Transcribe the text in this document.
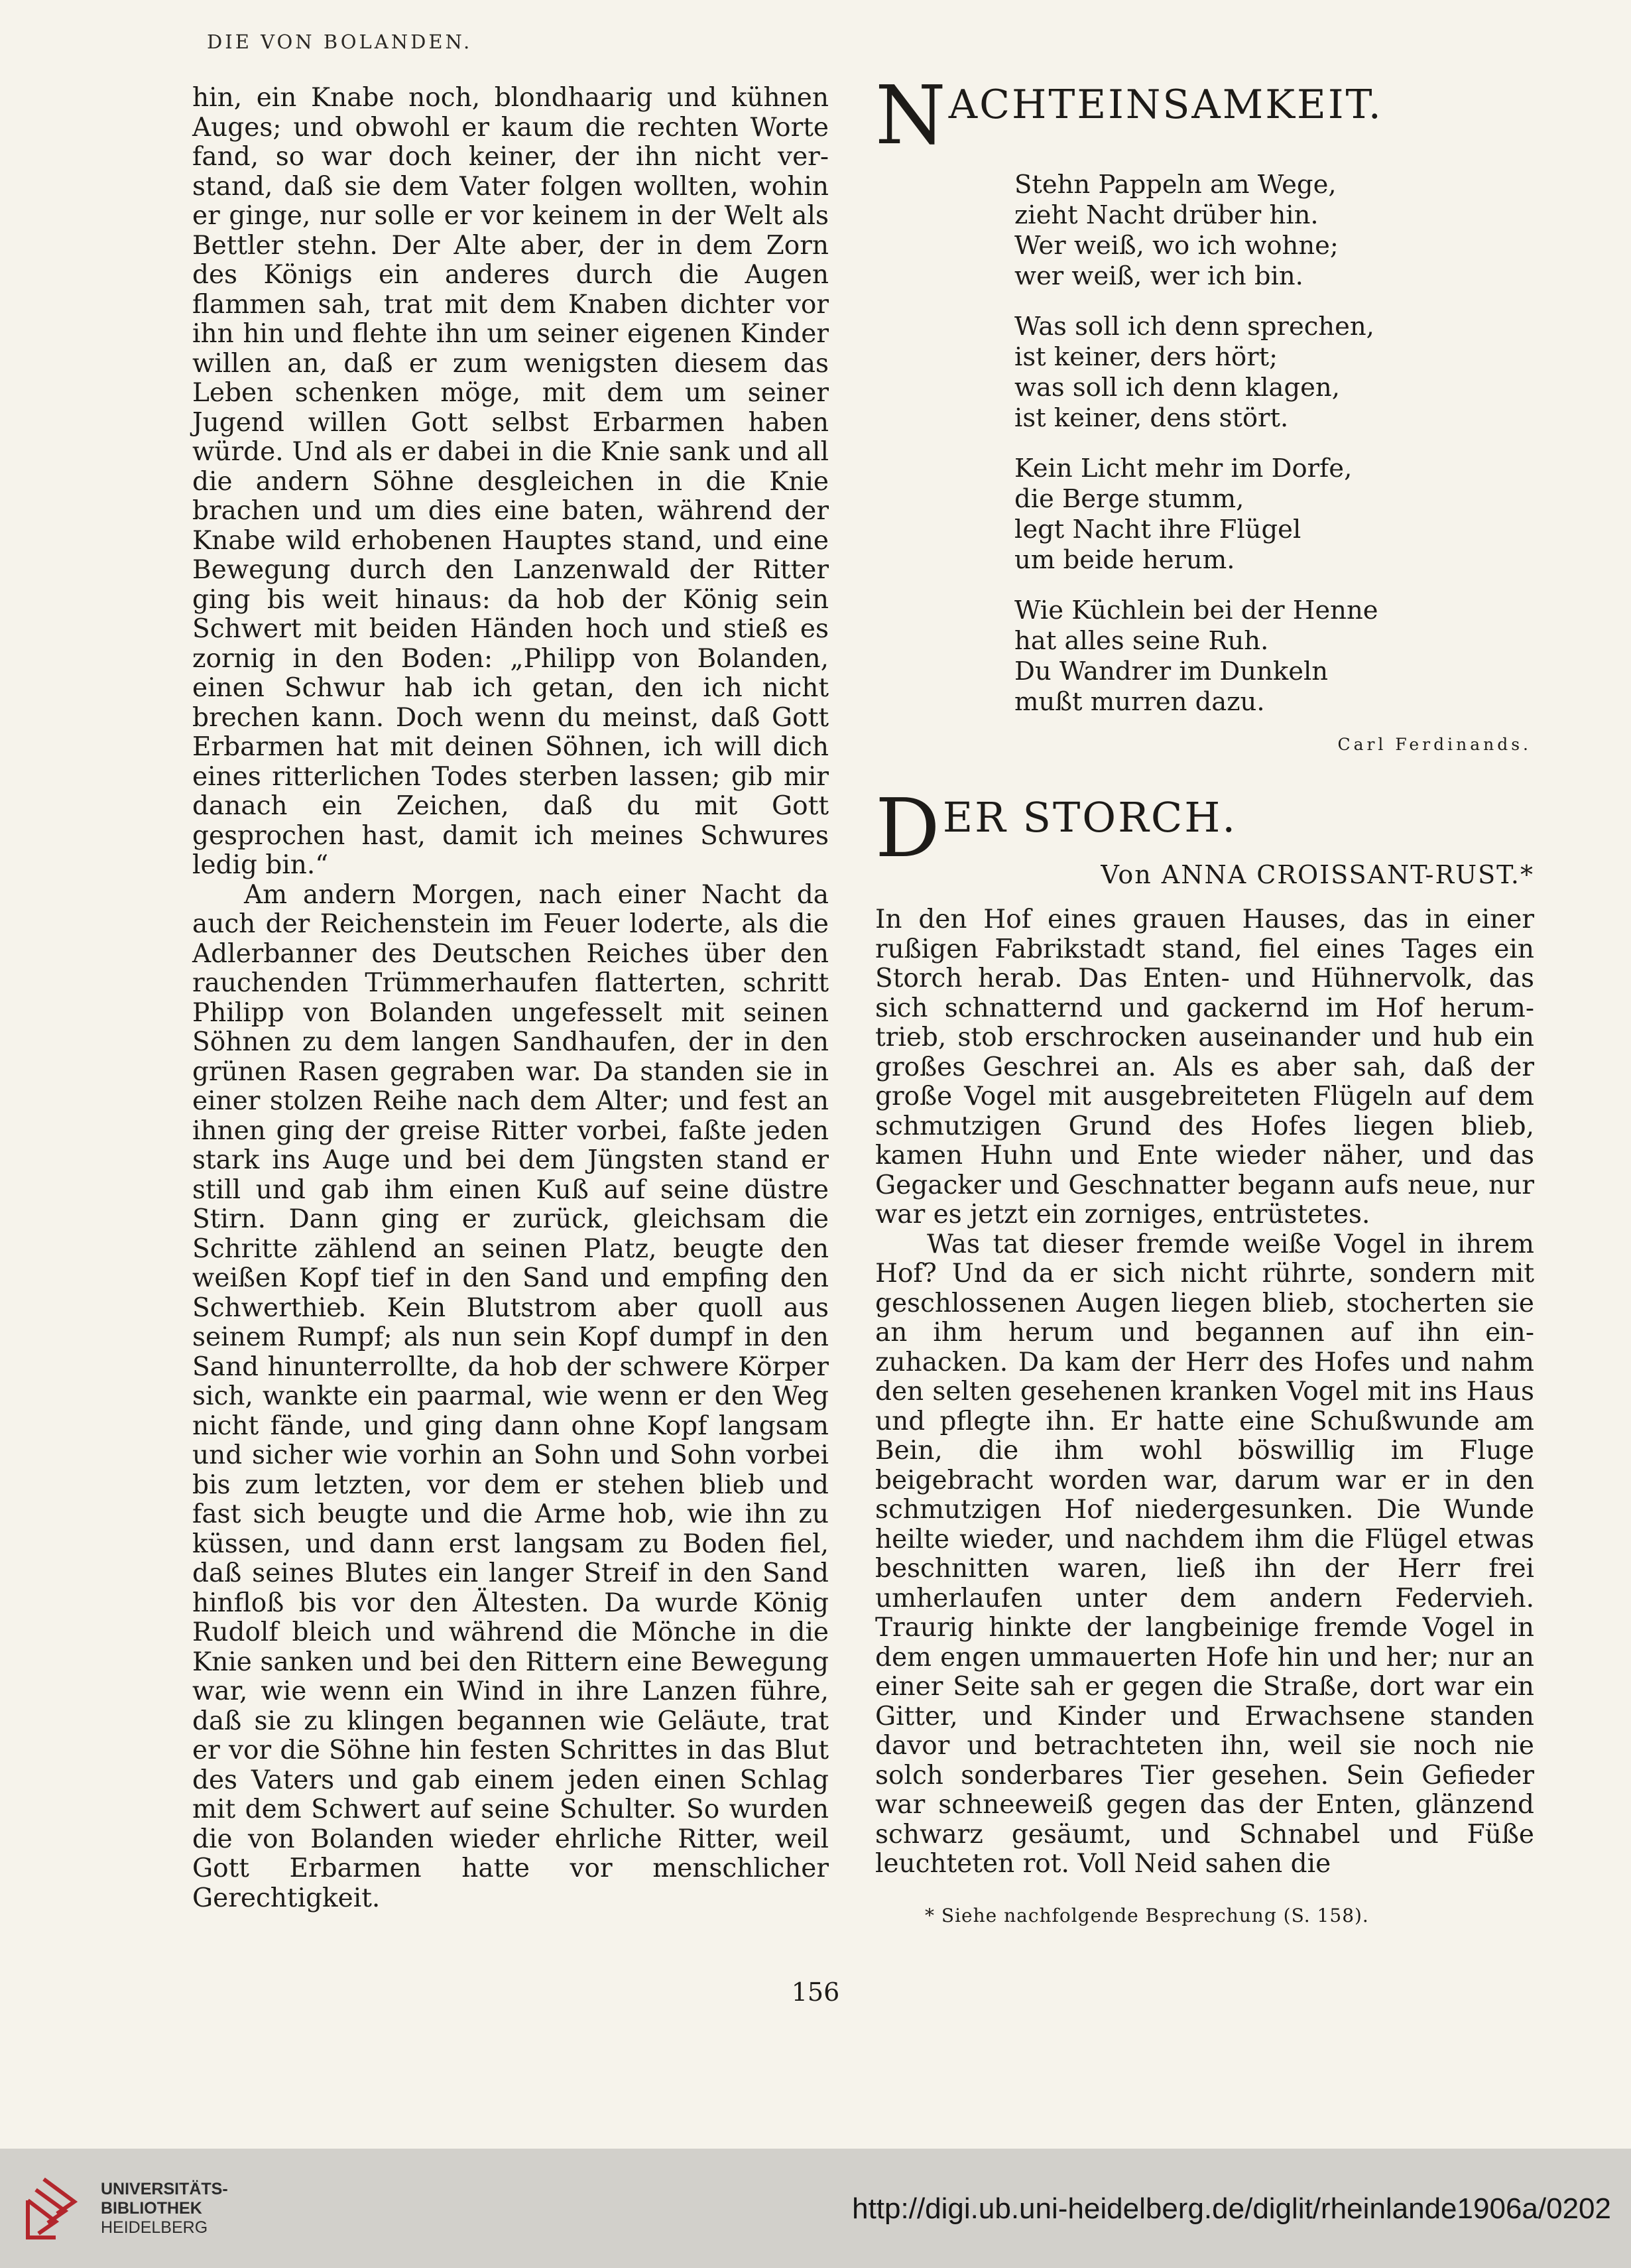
DIE VON BOLANDEN.

hin, ein Knabe noch, blondhaarig und kühnen Auges; und obwohl er kaum die rechten Worte fand, so war doch keiner, der ihn nicht verstand, daß sie dem Vater folgen wollten, wohin er ginge, nur solle er vor keinem in der Welt als Bettler stehn. Der Alte aber, der in dem Zorn des Königs ein anderes durch die Augen flammen sah, trat mit dem Knaben dichter vor ihn hin und flehte ihn um seiner eigenen Kinder willen an, daß er zum wenigsten diesem das Leben schenken möge, mit dem um seiner Jugend willen Gott selbst Erbarmen haben würde. Und als er dabei in die Knie sank und all die andern Söhne desgleichen in die Knie brachen und um dies eine baten, während der Knabe wild erhobenen Hauptes stand, und eine Bewegung durch den Lanzenwald der Ritter ging bis weit hinaus: da hob der König sein Schwert mit beiden Händen hoch und stieß es zornig in den Boden: „Philipp von Bolanden, einen Schwur hab ich getan, den ich nicht brechen kann. Doch wenn du meinst, daß Gott Erbarmen hat mit deinen Söhnen, ich will dich eines ritterlichen Todes sterben lassen; gib mir danach ein Zeichen, daß du mit Gott gesprochen hast, damit ich meines Schwures ledig bin.“

Am andern Morgen, nach einer Nacht da auch der Reichenstein im Feuer loderte, als die Adlerbanner des Deutschen Reiches über den rauchenden Trümmerhaufen flatterten, schritt Philipp von Bolanden ungefesselt mit seinen Söhnen zu dem langen Sandhaufen, der in den grünen Rasen gegraben war. Da standen sie in einer stolzen Reihe nach dem Alter; und fest an ihnen ging der greise Ritter vorbei, faßte jeden stark ins Auge und bei dem Jüngsten stand er still und gab ihm einen Kuß auf seine düstre Stirn. Dann ging er zurück, gleichsam die Schritte zählend an seinen Platz, beugte den weißen Kopf tief in den Sand und empfing den Schwerthieb. Kein Blutstrom aber quoll aus seinem Rumpf; als nun sein Kopf dumpf in den Sand hinunterrollte, da hob der schwere Körper sich, wankte ein paarmal, wie wenn er den Weg nicht fände, und ging dann ohne Kopf langsam und sicher wie vorhin an Sohn und Sohn vorbei bis zum letzten, vor dem er stehen blieb und fast sich beugte und die Arme hob, wie ihn zu küssen, und dann erst langsam zu Boden fiel, daß seines Blutes ein langer Streif in den Sand hinfloß bis vor den Ältesten. Da wurde König Rudolf bleich und während die Mönche in die Knie sanken und bei den Rittern eine Bewegung war, wie wenn ein Wind in ihre Lanzen führe, daß sie zu klingen begannen wie Geläute, trat er vor die Söhne hin festen Schrittes in das Blut des Vaters und gab einem jeden einen Schlag mit dem Schwert auf seine Schulter. So wurden die von Bolanden wieder ehrliche Ritter, weil Gott Erbarmen hatte vor menschlicher Gerechtigkeit.

N ACHTEINSAMKEIT.
Stehn Pappeln am Wege,
zieht Nacht drüber hin.
Wer weiß, wo ich wohne;
wer weiß, wer ich bin.
Was soll ich denn sprechen,
ist keiner, ders hört;
was soll ich denn klagen,
ist keiner, dens stört.
Kein Licht mehr im Dorfe,
die Berge stumm,
legt Nacht ihre Flügel
um beide herum.
Wie Küchlein bei der Henne
hat alles seine Ruh.
Du Wandrer im Dunkeln
mußt murren dazu.
Carl Ferdinands.
D ER STORCH.
Von ANNA CROISSANT-RUST.*

In den Hof eines grauen Hauses, das in einer rußigen Fabrikstadt stand, fiel eines Tages ein Storch herab. Das Enten- und Hühnervolk, das sich schnatternd und gackernd im Hof herumtrieb, stob erschrocken auseinander und hub ein großes Geschrei an. Als es aber sah, daß der große Vogel mit ausgebreiteten Flügeln auf dem schmutzigen Grund des Hofes liegen blieb, kamen Huhn und Ente wieder näher, und das Gegacker und Geschnatter begann aufs neue, nur war es jetzt ein zorniges, entrüstetes.

Was tat dieser fremde weiße Vogel in ihrem Hof? Und da er sich nicht rührte, sondern mit geschlossenen Augen liegen blieb, stocherten sie an ihm herum und begannen auf ihn einzuhacken. Da kam der Herr des Hofes und nahm den selten gesehenen kranken Vogel mit ins Haus und pflegte ihn. Er hatte eine Schußwunde am Bein, die ihm wohl böswillig im Fluge beigebracht worden war, darum war er in den schmutzigen Hof niedergesunken. Die Wunde heilte wieder, und nachdem ihm die Flügel etwas beschnitten waren, ließ ihn der Herr frei umherlaufen unter dem andern Federvieh. Traurig hinkte der langbeinige fremde Vogel in dem engen ummauerten Hofe hin und her; nur an einer Seite sah er gegen die Straße, dort war ein Gitter, und Kinder und Erwachsene standen davor und betrachteten ihn, weil sie noch nie solch sonderbares Tier gesehen. Sein Gefieder war schneeweiß gegen das der Enten, glänzend schwarz gesäumt, und Schnabel und Füße leuchteten rot. Voll Neid sahen die

* Siehe nachfolgende Besprechung (S. 158).
156
UNIVERSITÄTS-
BIBLIOTHEK
HEIDELBERG
http://digi.ub.uni-heidelberg.de/diglit/rheinlande1906a/0202
